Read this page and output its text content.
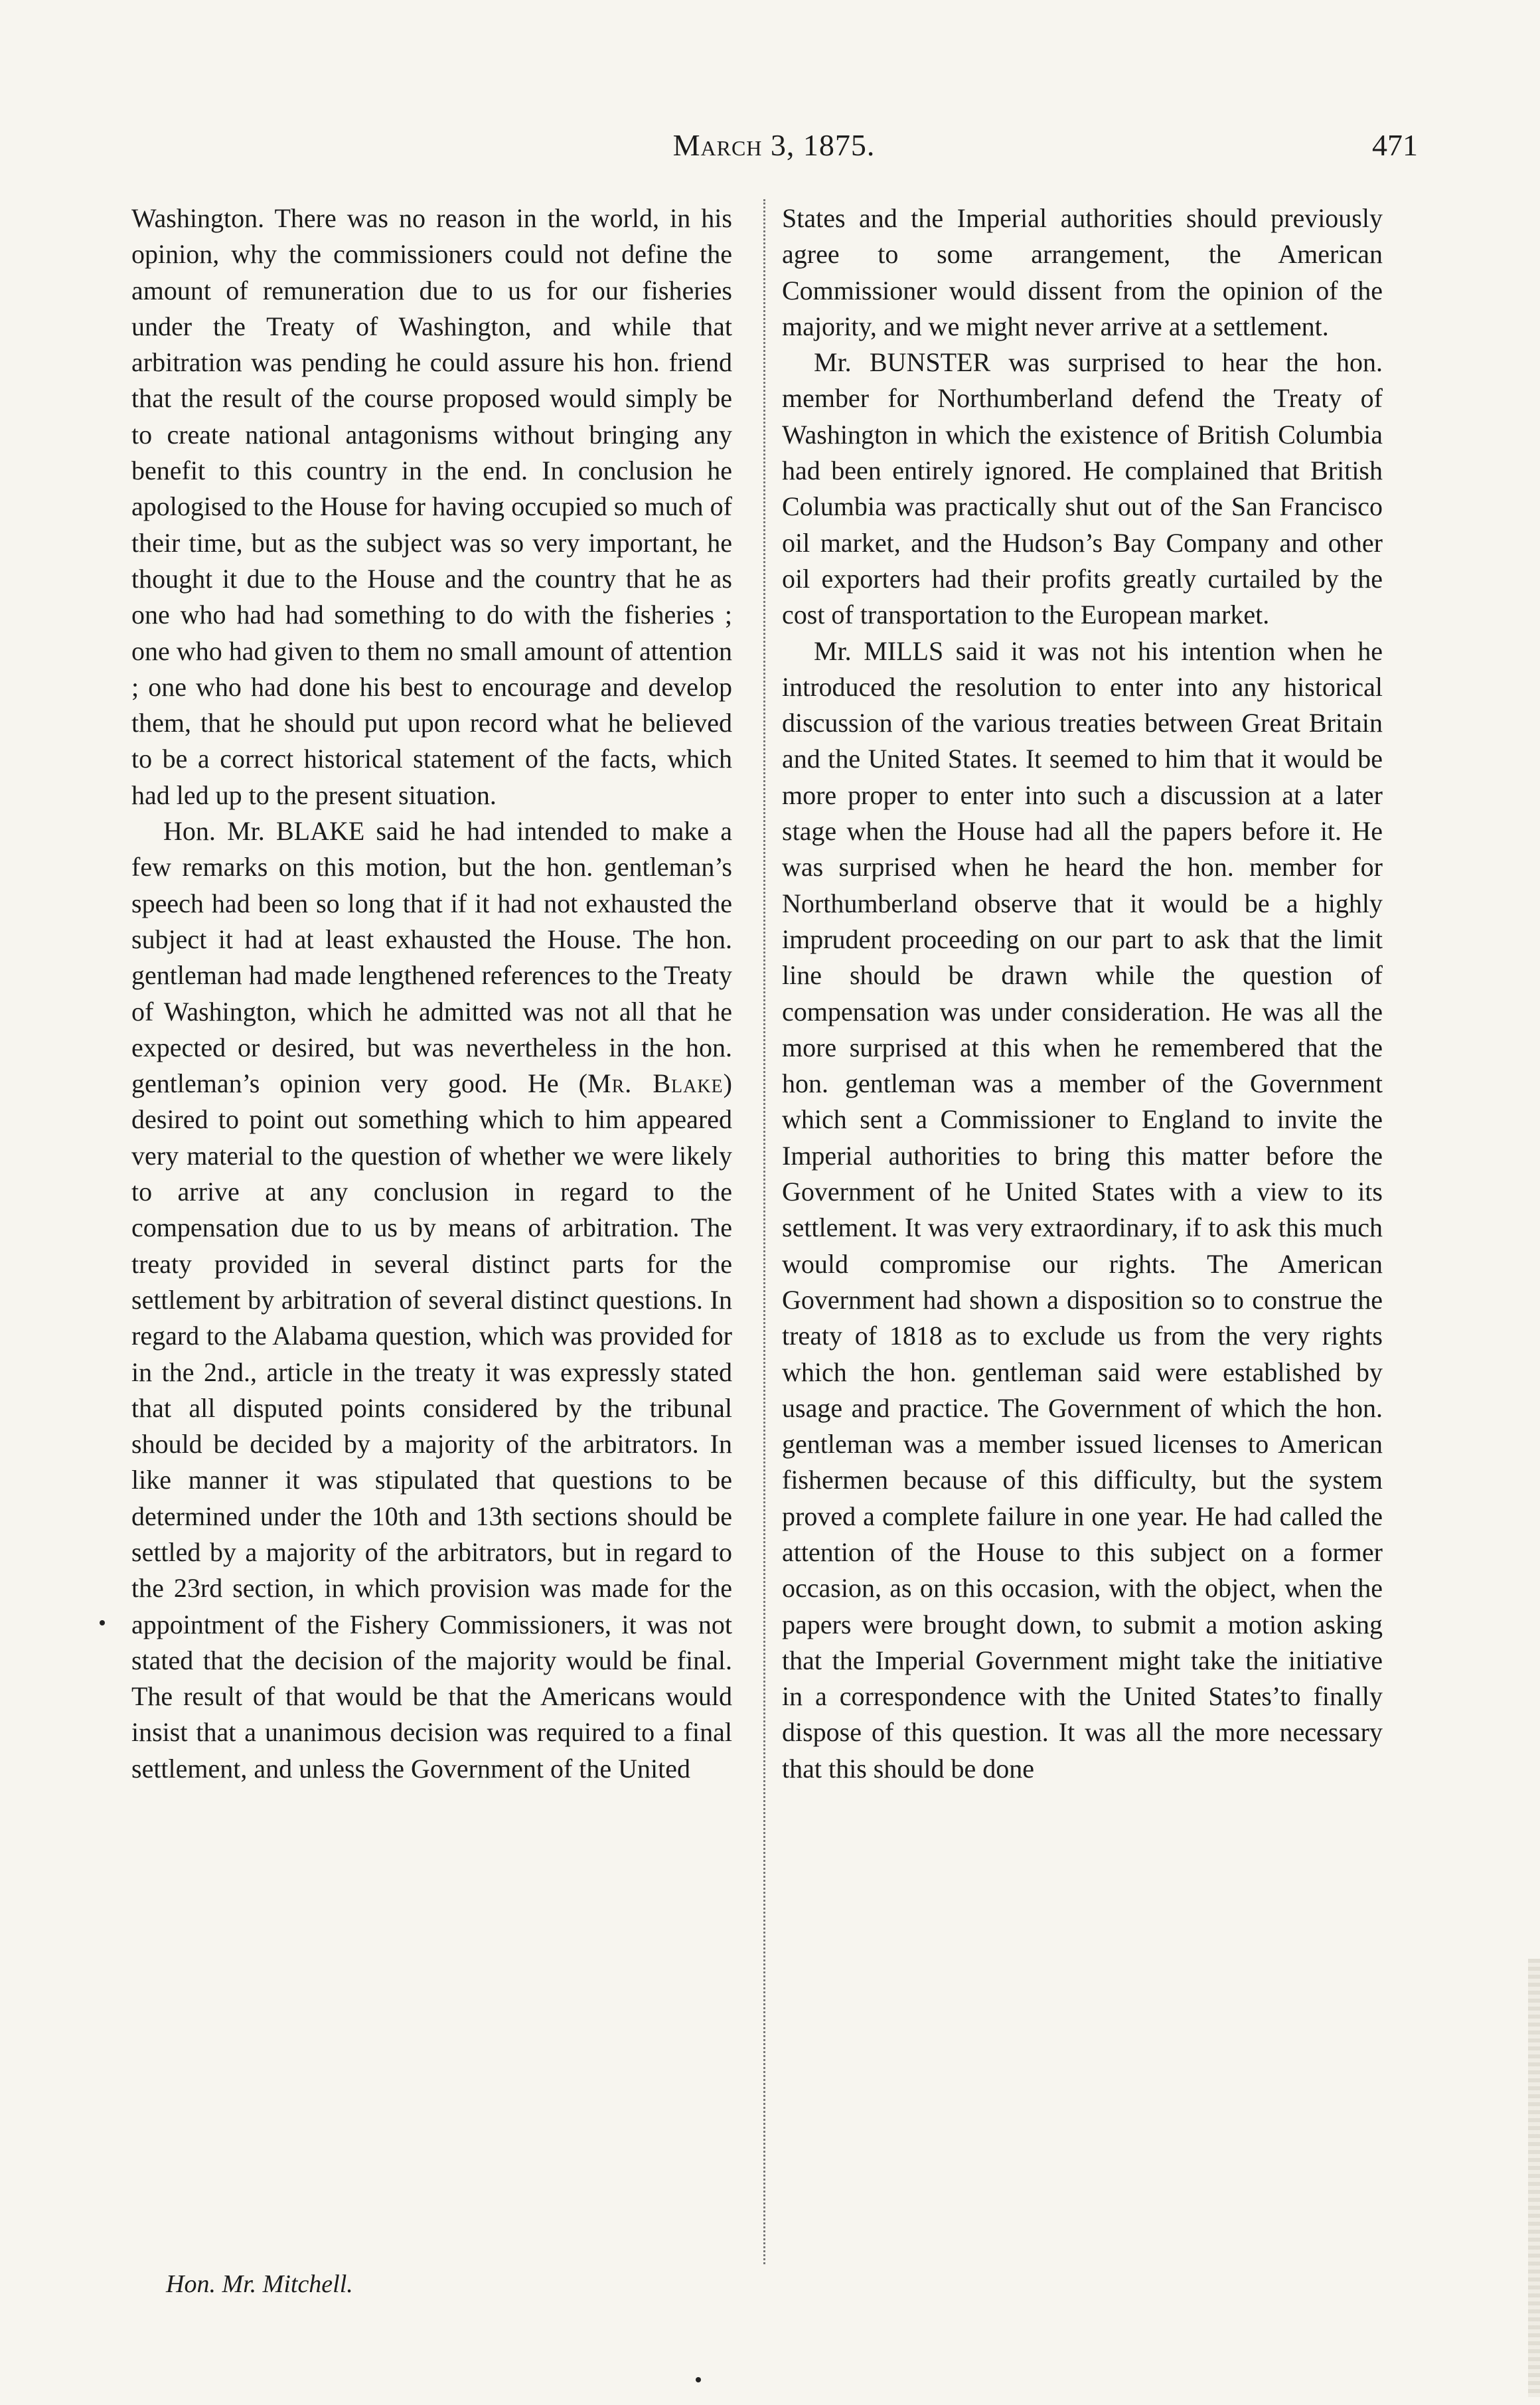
March 3, 1875.	471

Washington. There was no reason in the world, in his opinion, why the commissioners could not define the amount of remuneration due to us for our fisheries under the Treaty of Washington, and while that arbitration was pending he could assure his hon. friend that the result of the course proposed would simply be to create national antagonisms without bringing any benefit to this country in the end. In conclusion he apologised to the House for having occupied so much of their time, but as the subject was so very important, he thought it due to the House and the country that he as one who had had something to do with the fisheries ; one who had given to them no small amount of attention ; one who had done his best to encourage and develop them, that he should put upon record what he believed to be a correct historical statement of the facts, which had led up to the present situation.

Hon. Mr. BLAKE said he had intended to make a few remarks on this motion, but the hon. gentleman’s speech had been so long that if it had not exhausted the subject it had at least exhausted the House. The hon. gentleman had made lengthened references to the Treaty of Washington, which he admitted was not all that he expected or desired, but was nevertheless in the hon. gentleman’s opinion very good. He (Mr. Blake) desired to point out something which to him appeared very material to the question of whether we were likely to arrive at any conclusion in regard to the compensation due to us by means of arbitration. The treaty provided in several distinct parts for the settlement by arbitration of several distinct questions. In regard to the Alabama question, which was provided for in the 2nd., article in the treaty it was expressly stated that all disputed points considered by the tribunal should be decided by a majority of the arbitrators. In like manner it was stipulated that questions to be determined under the 10th and 13th sections should be settled by a majority of the arbitrators, but in regard to the 23rd section, in which provision was made for the appointment of the Fishery Commissioners, it was not stated that the decision of the majority would be final. The result of that would be that the Americans would insist that a unanimous decision was required to a final settlement, and unless the Government of the United

States and the Imperial authorities should previously agree to some arrangement, the American Commissioner would dissent from the opinion of the majority, and we might never arrive at a settlement.

Mr. BUNSTER was surprised to hear the hon. member for Northumberland defend the Treaty of Washington in which the existence of British Columbia had been entirely ignored. He complained that British Columbia was practically shut out of the San Francisco oil market, and the Hudson’s Bay Company and other oil exporters had their profits greatly curtailed by the cost of transportation to the European market.

Mr. MILLS said it was not his intention when he introduced the resolution to enter into any historical discussion of the various treaties between Great Britain and the United States. It seemed to him that it would be more proper to enter into such a discussion at a later stage when the House had all the papers before it. He was surprised when he heard the hon. member for Northumberland observe that it would be a highly imprudent proceeding on our part to ask that the limit line should be drawn while the question of compensation was under consideration. He was all the more surprised at this when he remembered that the hon. gentleman was a member of the Government which sent a Commissioner to England to invite the Imperial authorities to bring this matter before the Government of he United States with a view to its settlement. It was very extraordinary, if to ask this much would compromise our rights. The American Government had shown a disposition so to construe the treaty of 1818 as to exclude us from the very rights which the hon. gentleman said were established by usage and practice. The Government of which the hon. gentleman was a member issued licenses to American fishermen because of this difficulty, but the system proved a complete failure in one year. He had called the attention of the House to this subject on a former occasion, as on this occasion, with the object, when the papers were brought down, to submit a motion asking that the Imperial Government might take the initiative in a correspondence with the United States’to finally dispose of this question. It was all the more necessary that this should be done

Hon. Mr. Mitchell.
